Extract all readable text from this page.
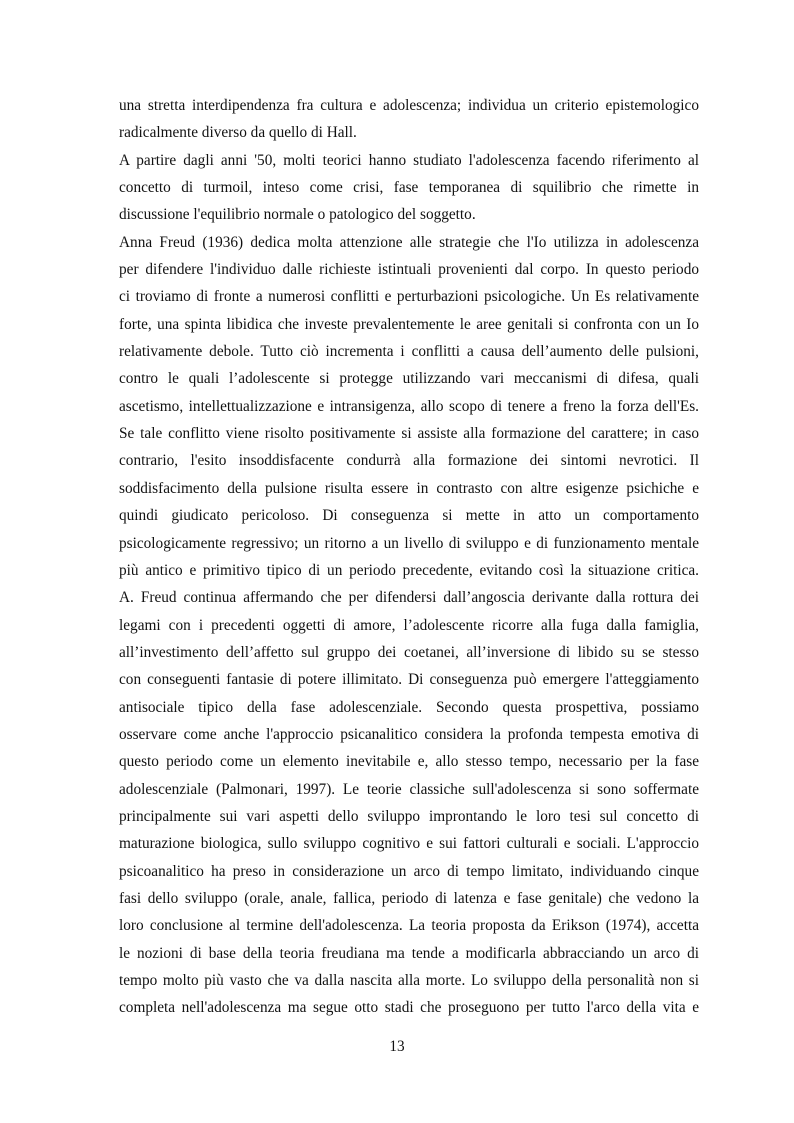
una stretta interdipendenza fra cultura e adolescenza; individua un criterio epistemologico
radicalmente diverso da quello di Hall.
A partire dagli anni '50, molti teorici hanno studiato l'adolescenza facendo riferimento al
concetto di turmoil, inteso come crisi, fase temporanea di squilibrio che rimette in
discussione l'equilibrio normale o patologico del soggetto.
Anna Freud (1936) dedica molta attenzione alle strategie che l'Io utilizza in adolescenza
per difendere l'individuo dalle richieste istintuali provenienti dal corpo. In questo periodo
ci troviamo di fronte a numerosi conflitti e perturbazioni psicologiche. Un Es relativamente
forte, una spinta libidica che investe prevalentemente le aree genitali si confronta con un Io
relativamente debole. Tutto ciò incrementa i conflitti a causa dell’aumento delle pulsioni,
contro le quali l’adolescente si protegge utilizzando vari meccanismi di difesa, quali
ascetismo, intellettualizzazione e intransigenza, allo scopo di tenere a freno la forza dell'Es.
Se tale conflitto viene risolto positivamente si assiste alla formazione del carattere; in caso
contrario, l'esito insoddisfacente condurrà alla formazione dei sintomi nevrotici. Il
soddisfacimento della pulsione risulta essere in contrasto con altre esigenze psichiche e
quindi giudicato pericoloso. Di conseguenza si mette in atto un comportamento
psicologicamente regressivo; un ritorno a un livello di sviluppo e di funzionamento mentale
più antico e primitivo tipico di un periodo precedente, evitando così la situazione critica.
A. Freud continua affermando che per difendersi dall’angoscia derivante dalla rottura dei
legami con i precedenti oggetti di amore, l’adolescente ricorre alla fuga dalla famiglia,
all’investimento dell’affetto sul gruppo dei coetanei, all’inversione di libido su se stesso
con conseguenti fantasie di potere illimitato. Di conseguenza può emergere l'atteggiamento
antisociale tipico della fase adolescenziale. Secondo questa prospettiva, possiamo
osservare come anche l'approccio psicanalitico considera la profonda tempesta emotiva di
questo periodo come un elemento inevitabile e, allo stesso tempo, necessario per la fase
adolescenziale (Palmonari, 1997). Le teorie classiche sull'adolescenza si sono soffermate
principalmente sui vari aspetti dello sviluppo improntando le loro tesi sul concetto di
maturazione biologica, sullo sviluppo cognitivo e sui fattori culturali e sociali. L'approccio
psicoanalitico ha preso in considerazione un arco di tempo limitato, individuando cinque
fasi dello sviluppo (orale, anale, fallica, periodo di latenza e fase genitale) che vedono la
loro conclusione al termine dell'adolescenza. La teoria proposta da Erikson (1974), accetta
le nozioni di base della teoria freudiana ma tende a modificarla abbracciando un arco di
tempo molto più vasto che va dalla nascita alla morte. Lo sviluppo della personalità non si
completa nell'adolescenza ma segue otto stadi che proseguono per tutto l'arco della vita e
13
